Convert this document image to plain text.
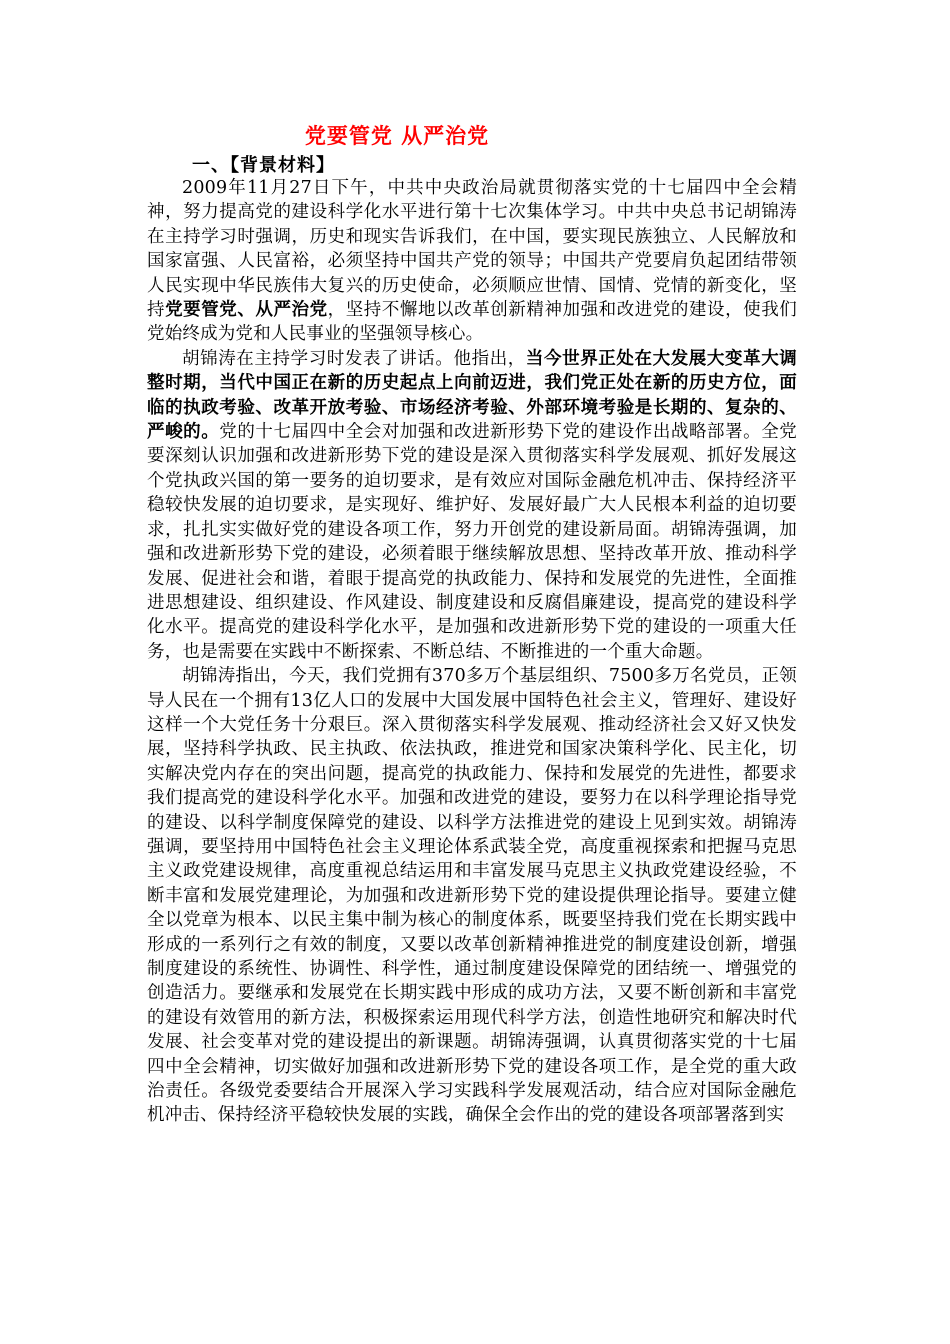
党要管党 从严治党
一、【背景材料】

2009年11月27日下午，中共中央政治局就贯彻落实党的十七届四中全会精神，努力提高党的建设科学化水平进行第十七次集体学习。中共中央总书记胡锦涛在主持学习时强调，历史和现实告诉我们，在中国，要实现民族独立、人民解放和国家富强、人民富裕，必须坚持中国共产党的领导；中国共产党要肩负起团结带领人民实现中华民族伟大复兴的历史使命，必须顺应世情、国情、党情的新变化，坚持党要管党、从严治党，坚持不懈地以改革创新精神加强和改进党的建设，使我们党始终成为党和人民事业的坚强领导核心。

胡锦涛在主持学习时发表了讲话。他指出，当今世界正处在大发展大变革大调整时期，当代中国正在新的历史起点上向前迈进，我们党正处在新的历史方位，面临的执政考验、改革开放考验、市场经济考验、外部环境考验是长期的、复杂的、严峻的。党的十七届四中全会对加强和改进新形势下党的建设作出战略部署。全党要深刻认识加强和改进新形势下党的建设是深入贯彻落实科学发展观、抓好发展这个党执政兴国的第一要务的迫切要求，是有效应对国际金融危机冲击、保持经济平稳较快发展的迫切要求，是实现好、维护好、发展好最广大人民根本利益的迫切要求，扎扎实实做好党的建设各项工作，努力开创党的建设新局面。胡锦涛强调，加强和改进新形势下党的建设，必须着眼于继续解放思想、坚持改革开放、推动科学发展、促进社会和谐，着眼于提高党的执政能力、保持和发展党的先进性，全面推进思想建设、组织建设、作风建设、制度建设和反腐倡廉建设，提高党的建设科学化水平。提高党的建设科学化水平，是加强和改进新形势下党的建设的一项重大任务，也是需要在实践中不断探索、不断总结、不断推进的一个重大命题。

胡锦涛指出，今天，我们党拥有370多万个基层组织、7500多万名党员，正领导人民在一个拥有13亿人口的发展中大国发展中国特色社会主义，管理好、建设好这样一个大党任务十分艰巨。深入贯彻落实科学发展观、推动经济社会又好又快发展，坚持科学执政、民主执政、依法执政，推进党和国家决策科学化、民主化，切实解决党内存在的突出问题，提高党的执政能力、保持和发展党的先进性，都要求我们提高党的建设科学化水平。加强和改进党的建设，要努力在以科学理论指导党的建设、以科学制度保障党的建设、以科学方法推进党的建设上见到实效。胡锦涛强调，要坚持用中国特色社会主义理论体系武装全党，高度重视探索和把握马克思主义政党建设规律，高度重视总结运用和丰富发展马克思主义执政党建设经验，不断丰富和发展党建理论，为加强和改进新形势下党的建设提供理论指导。要建立健全以党章为根本、以民主集中制为核心的制度体系，既要坚持我们党在长期实践中形成的一系列行之有效的制度，又要以改革创新精神推进党的制度建设创新，增强制度建设的系统性、协调性、科学性，通过制度建设保障党的团结统一、增强党的创造活力。要继承和发展党在长期实践中形成的成功方法，又要不断创新和丰富党的建设有效管用的新方法，积极探索运用现代科学方法，创造性地研究和解决时代发展、社会变革对党的建设提出的新课题。胡锦涛强调，认真贯彻落实党的十七届四中全会精神，切实做好加强和改进新形势下党的建设各项工作，是全党的重大政治责任。各级党委要结合开展深入学习实践科学发展观活动，结合应对国际金融危机冲击、保持经济平稳较快发展的实践，确保全会作出的党的建设各项部署落到实
